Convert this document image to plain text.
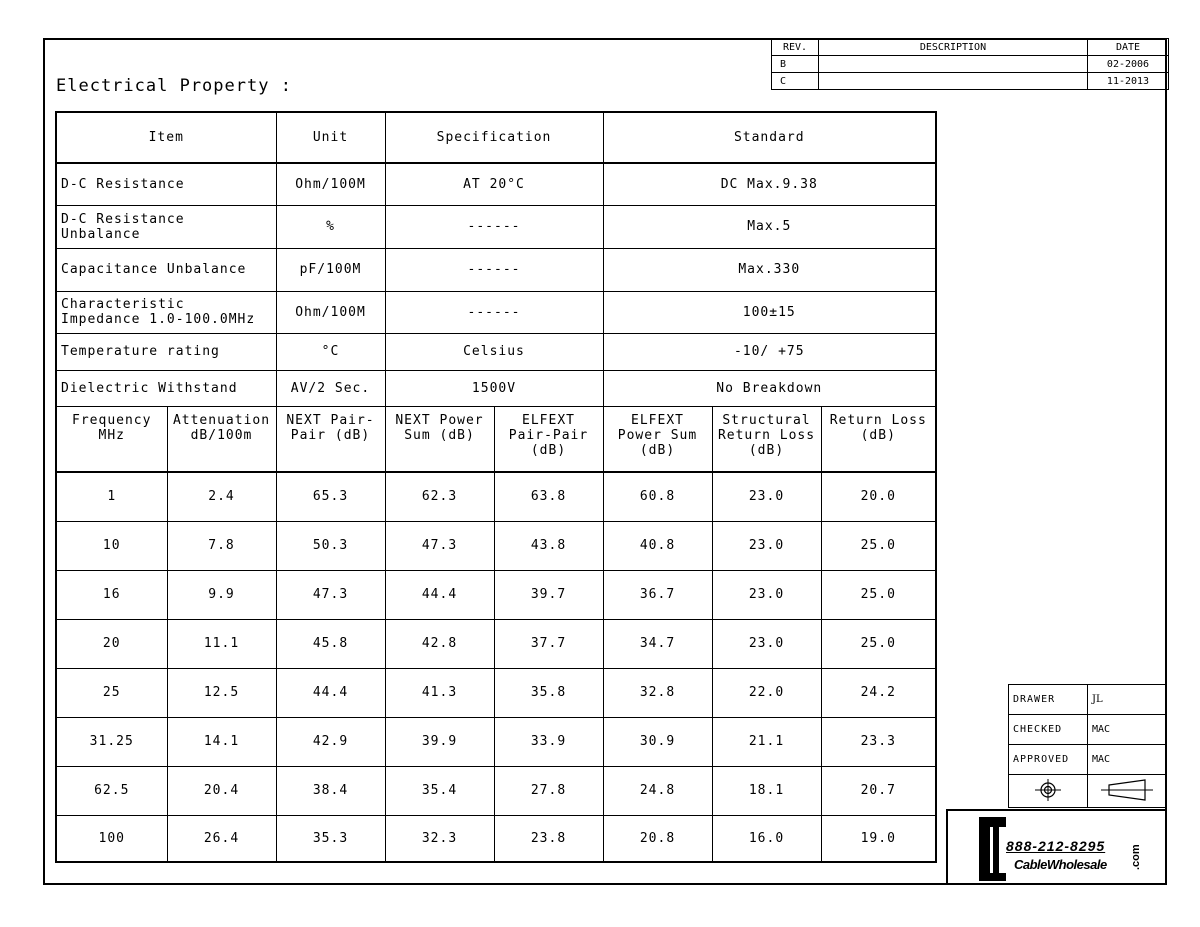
Electrical Property :
REV.	DESCRIPTION	DATE
B		02-2006
C		11-2013
Item		Unit	Specification		Standard		
D-C Resistance		Ohm/100M	AT 20°C		DC Max.9.38		
D-C Resistance Unbalance		%	------		Max.5		
Capacitance Unbalance		pF/100M	------		Max.330		
Characteristic Impedance 1.0-100.0MHz		Ohm/100M	------		100±15		
Temperature rating		°C	Celsius		-10/ +75		
Dielectric Withstand		AV/2 Sec.	1500V		No Breakdown		
Frequency MHz	Attenuation dB/100m	NEXT Pair-Pair (dB)	NEXT Power Sum (dB)	ELFEXT Pair-Pair (dB)	ELFEXT Power Sum (dB)	Structural Return Loss (dB)	Return Loss (dB)
1	2.4	65.3	62.3	63.8	60.8	23.0	20.0
10	7.8	50.3	47.3	43.8	40.8	23.0	25.0
16	9.9	47.3	44.4	39.7	36.7	23.0	25.0
20	11.1	45.8	42.8	37.7	34.7	23.0	25.0
25	12.5	44.4	41.3	35.8	32.8	22.0	24.2
31.25	14.1	42.9	39.9	33.9	30.9	21.1	23.3
62.5	20.4	38.4	35.4	27.8	24.8	18.1	20.7
100	26.4	35.3	32.3	23.8	20.8	16.0	19.0
DRAWER	JL
CHECKED	MAC
APPROVED	MAC

888-212-8295
CableWholesale .com
